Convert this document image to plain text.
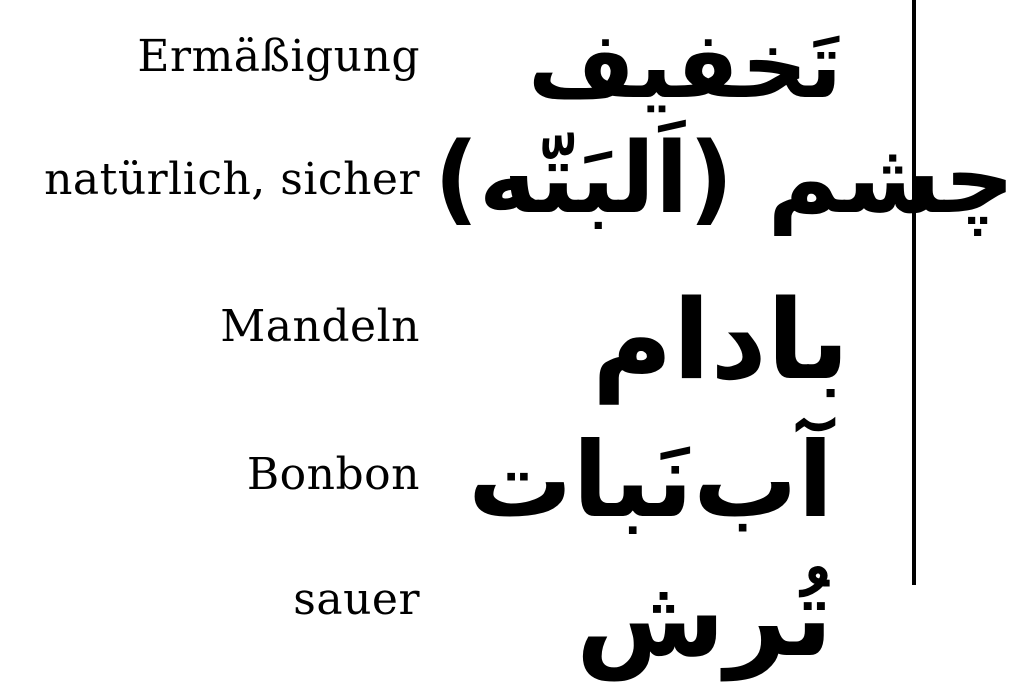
Ermäßigung تَخفیف
natürlich, sicher چشم (اَلبَتّه)
Mandeln بادام
Bonbon آب‌نَبات
sauer تُرش
